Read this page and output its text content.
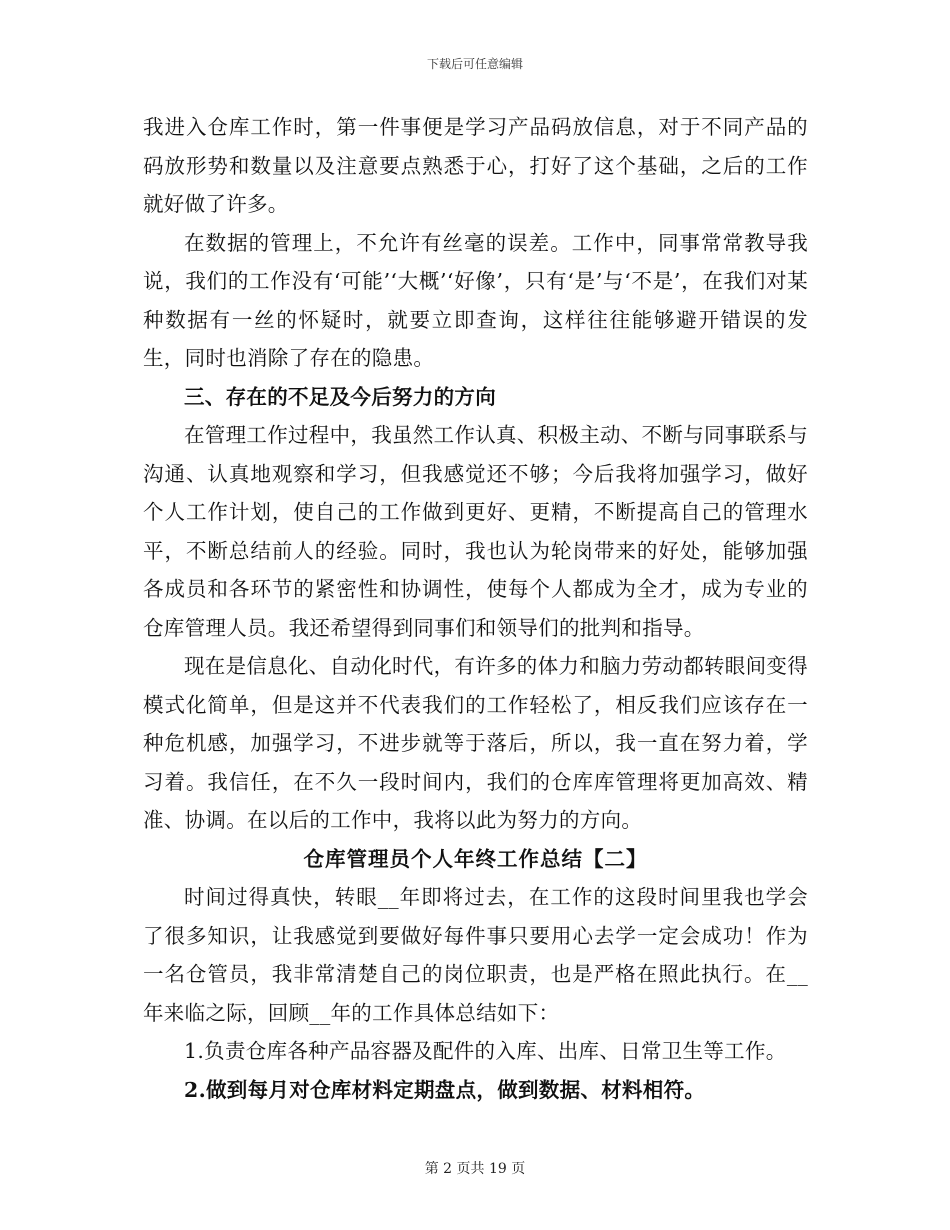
下载后可任意编辑

我进入仓库工作时，第一件事便是学习产品码放信息，对于不同产品的码放形势和数量以及注意要点熟悉于心，打好了这个基础，之后的工作就好做了许多。

在数据的管理上，不允许有丝毫的误差。工作中，同事常常教导我说，我们的工作没有‘可能’‘大概’‘好像’，只有‘是’与‘不是’，在我们对某种数据有一丝的怀疑时，就要立即查询，这样往往能够避开错误的发生，同时也消除了存在的隐患。

三、存在的不足及今后努力的方向

在管理工作过程中，我虽然工作认真、积极主动、不断与同事联系与沟通、认真地观察和学习，但我感觉还不够；今后我将加强学习，做好个人工作计划，使自己的工作做到更好、更精，不断提高自己的管理水平，不断总结前人的经验。同时，我也认为轮岗带来的好处，能够加强各成员和各环节的紧密性和协调性，使每个人都成为全才，成为专业的仓库管理人员。我还希望得到同事们和领导们的批判和指导。

现在是信息化、自动化时代，有许多的体力和脑力劳动都转眼间变得模式化简单，但是这并不代表我们的工作轻松了，相反我们应该存在一种危机感，加强学习，不进步就等于落后，所以，我一直在努力着，学习着。我信任，在不久一段时间内，我们的仓库库管理将更加高效、精准、协调。在以后的工作中，我将以此为努力的方向。

仓库管理员个人年终工作总结【二】

时间过得真快，转眼__年即将过去，在工作的这段时间里我也学会了很多知识，让我感觉到要做好每件事只要用心去学一定会成功！作为一名仓管员，我非常清楚自己的岗位职责，也是严格在照此执行。在__年来临之际，回顾__年的工作具体总结如下：

1.负责仓库各种产品容器及配件的入库、出库、日常卫生等工作。

2.做到每月对仓库材料定期盘点，做到数据、材料相符。

第 2 页共 19 页
